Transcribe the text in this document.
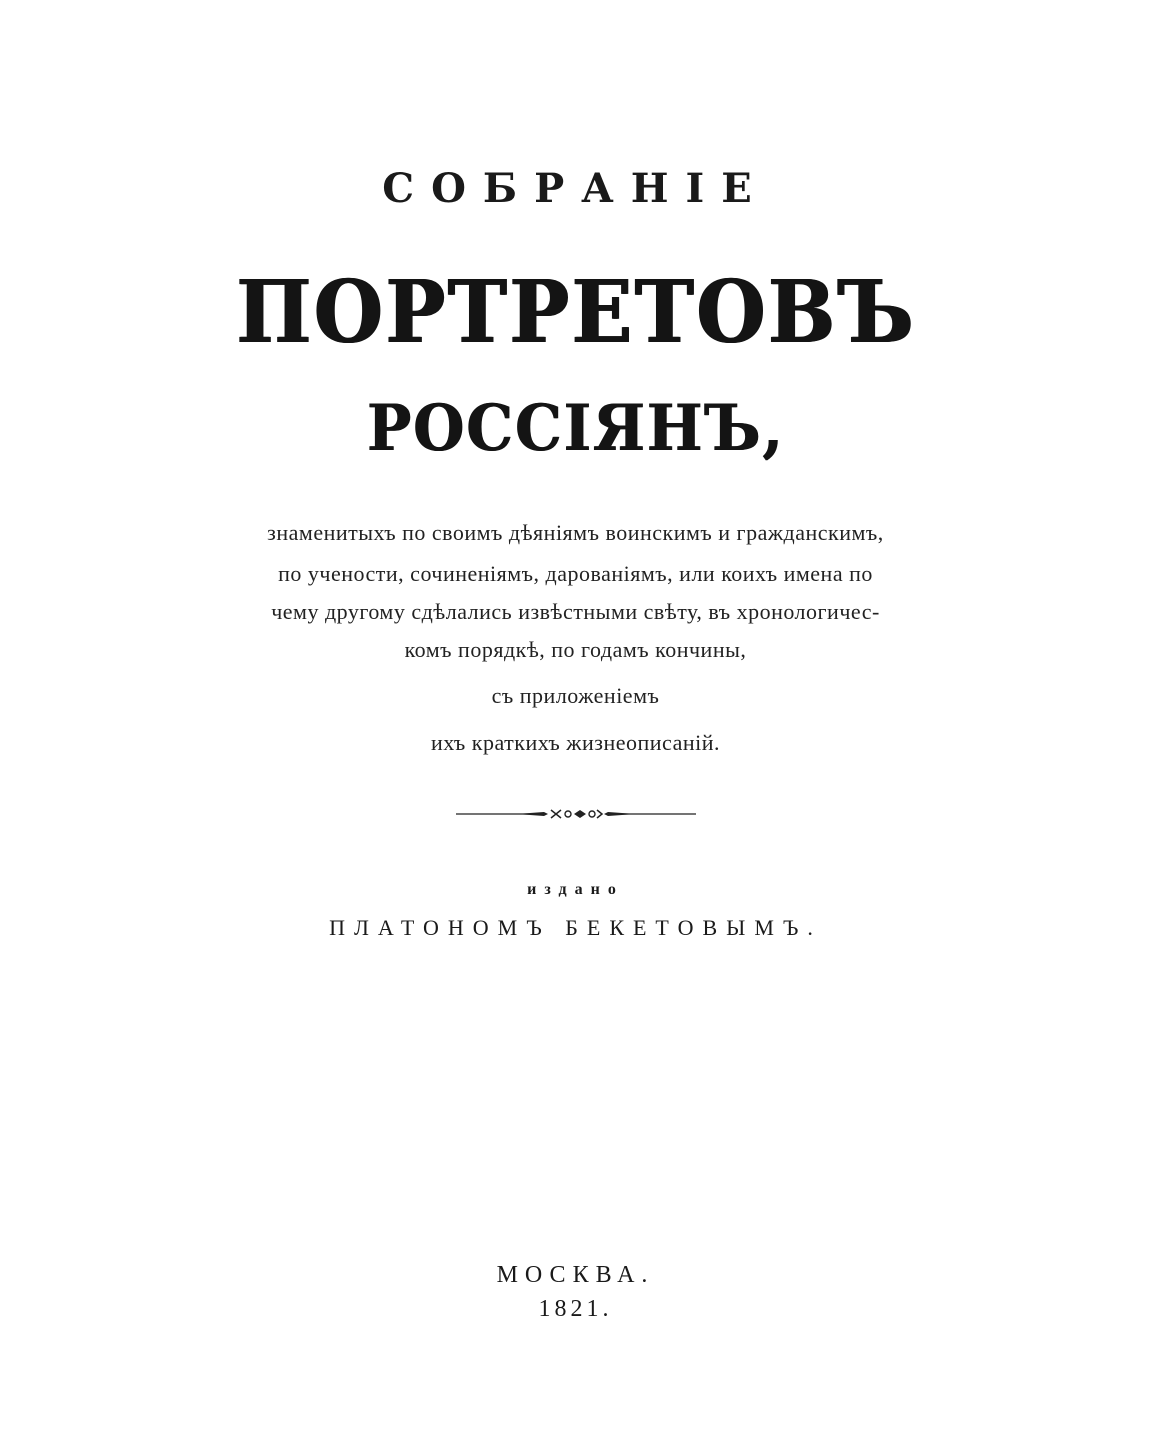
СОБРАНІЕ
ПОРТРЕТОВЪ
РОССІЯНЪ,
знаменитыхъ по своимъ дѣяніямъ воинскимъ и гражданскимъ,
по учености, сочиненіямъ, дарованіямъ, или коихъ имена по
чему другому сдѣлались извѣстными свѣту, въ хронологичес-
комъ порядкѣ, по годамъ кончины,
съ приложеніемъ
ихъ краткихъ жизнеописаній.
издано
ПЛАТОНОМЪ БЕКЕТОВЫМЪ.
МОСКВА.
1821.
